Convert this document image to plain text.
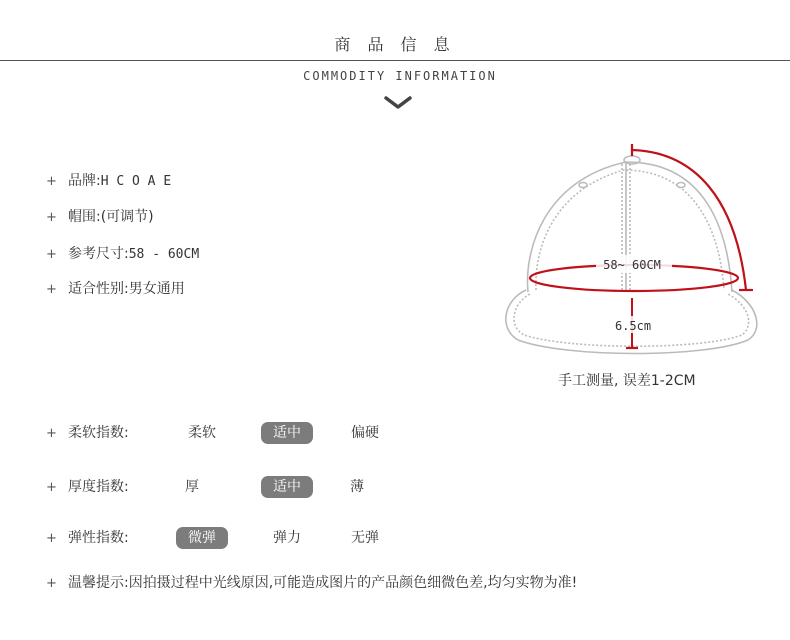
商 品 信 息
COMMODITY INFORMATION
+ 品牌:H C O A E
+ 帽围:(可调节)
+ 参考尺寸:58 - 60CM
+ 适合性别:男女通用
58~ 60CM
6.5cm
手工测量, 误差1-2CM
+ 柔软指数:	柔软	适中	偏硬
+ 厚度指数:	厚	适中	薄
+ 弹性指数:	微弹	弹力	无弹
+ 温馨提示:因拍摄过程中光线原因,可能造成图片的产品颜色细微色差,均匀实物为准!
